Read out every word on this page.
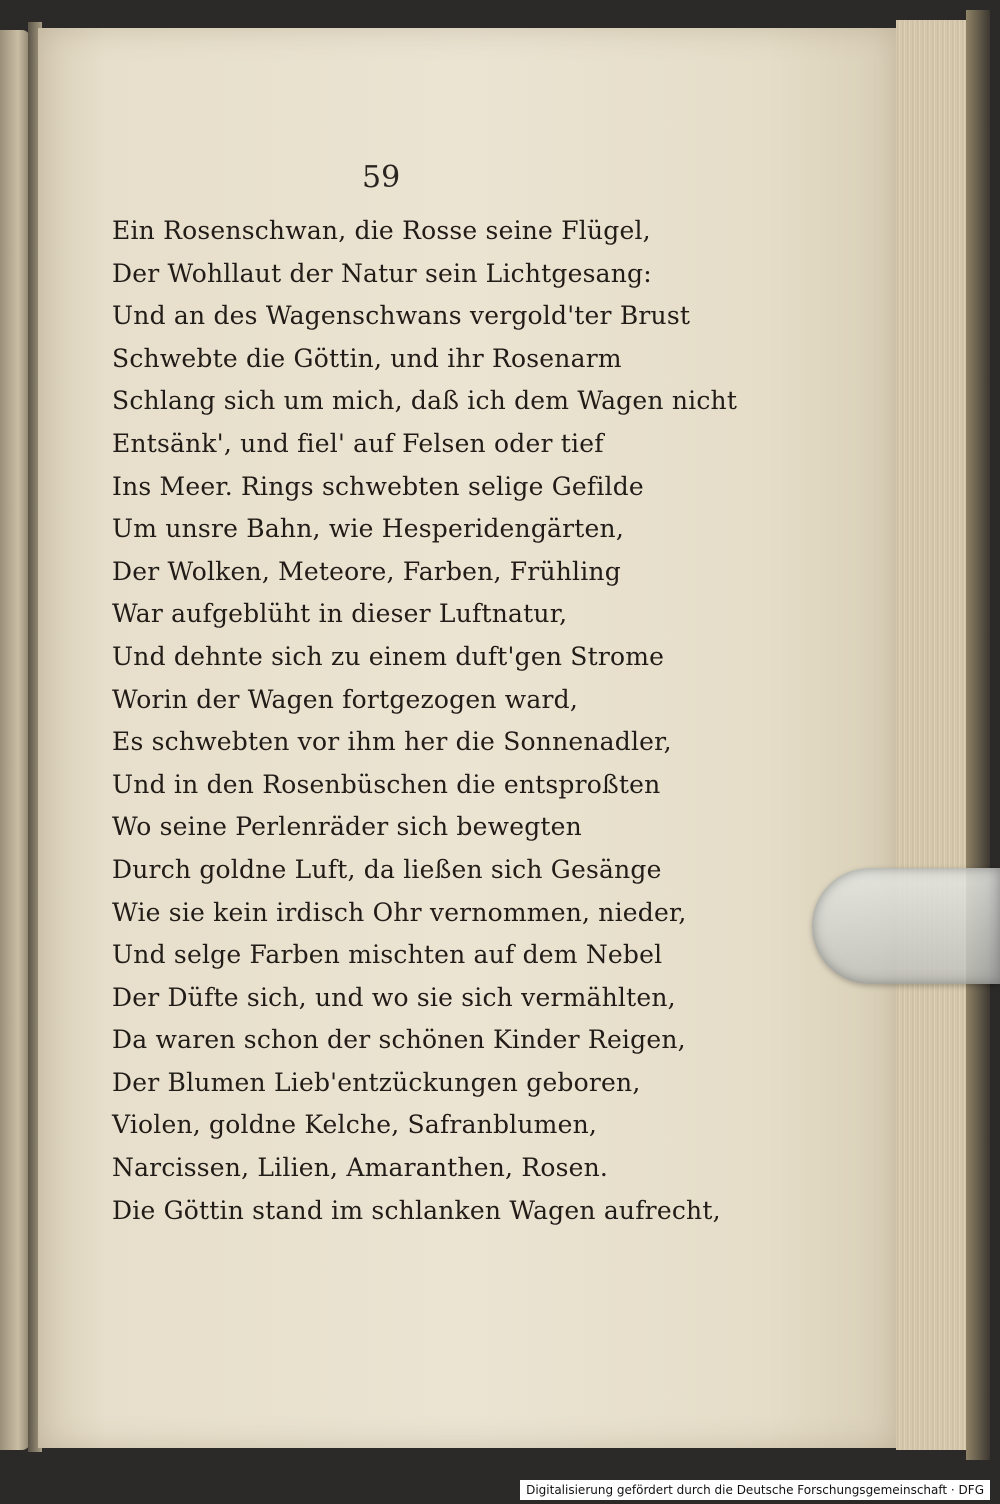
59
Ein Rosenschwan, die Rosse seine Flügel,
Der Wohllaut der Natur sein Lichtgesang:
Und an des Wagenschwans vergold'ter Brust
Schwebte die Göttin, und ihr Rosenarm
Schlang sich um mich, daß ich dem Wagen nicht
Entsänk', und fiel' auf Felsen oder tief
Ins Meer. Rings schwebten selige Gefilde
Um unsre Bahn, wie Hesperidengärten,
Der Wolken, Meteore, Farben, Frühling
War aufgeblüht in dieser Luftnatur,
Und dehnte sich zu einem duft'gen Strome
Worin der Wagen fortgezogen ward,
Es schwebten vor ihm her die Sonnenadler,
Und in den Rosenbüschen die entsproßten
Wo seine Perlenräder sich bewegten
Durch goldne Luft, da ließen sich Gesänge
Wie sie kein irdisch Ohr vernommen, nieder,
Und selge Farben mischten auf dem Nebel
Der Düfte sich, und wo sie sich vermählten,
Da waren schon der schönen Kinder Reigen,
Der Blumen Lieb'entzückungen geboren,
Violen, goldne Kelche, Safranblumen,
Narcissen, Lilien, Amaranthen, Rosen.
Die Göttin stand im schlanken Wagen aufrecht,
Digitalisierung gefördert durch die Deutsche Forschungsgemeinschaft · DFG
